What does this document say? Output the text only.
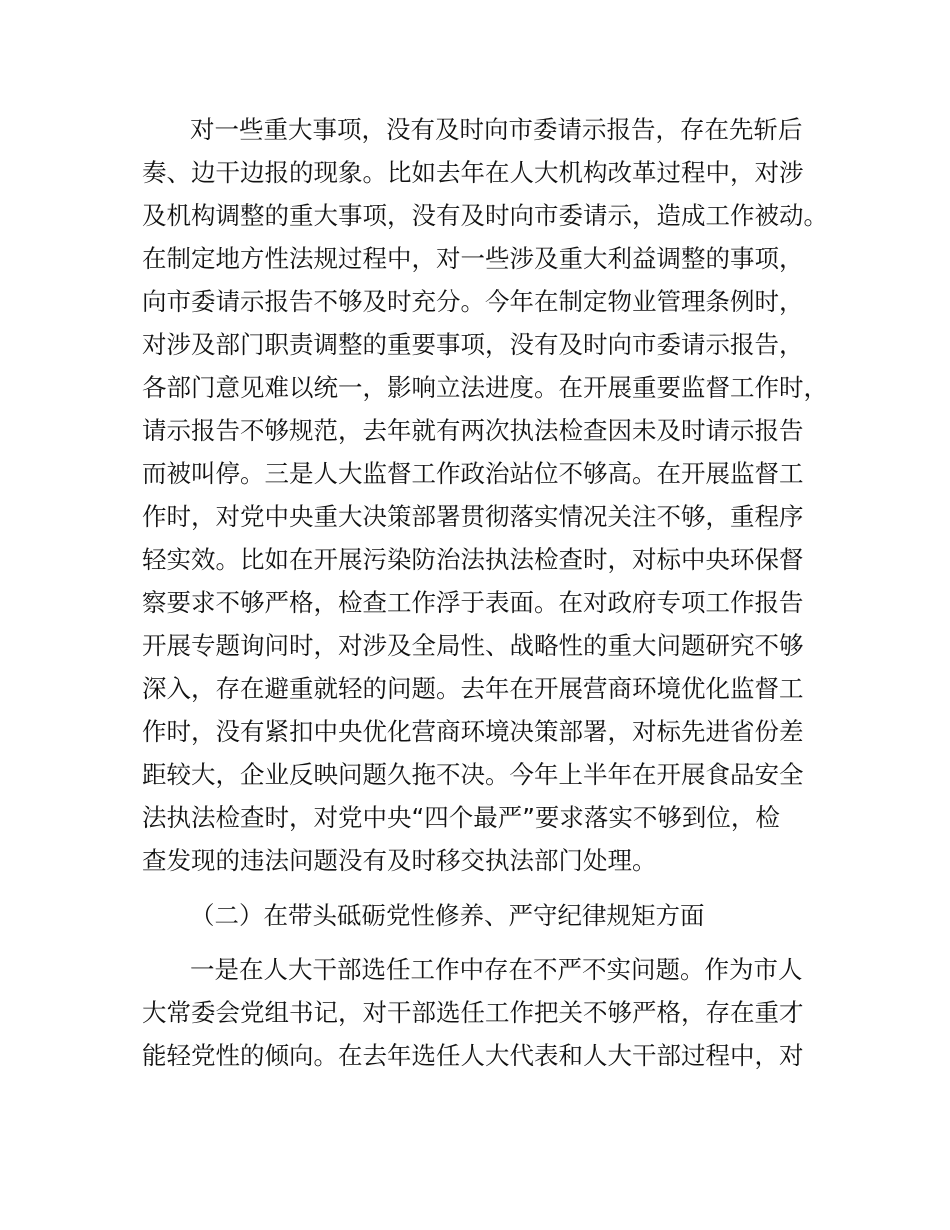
对一些重大事项，没有及时向市委请示报告，存在先斩后
奏、边干边报的现象。比如去年在人大机构改革过程中，对涉
及机构调整的重大事项，没有及时向市委请示，造成工作被动。
在制定地方性法规过程中，对一些涉及重大利益调整的事项，
向市委请示报告不够及时充分。今年在制定物业管理条例时，
对涉及部门职责调整的重要事项，没有及时向市委请示报告，
各部门意见难以统一，影响立法进度。在开展重要监督工作时，
请示报告不够规范，去年就有两次执法检查因未及时请示报告
而被叫停。三是人大监督工作政治站位不够高。在开展监督工
作时，对党中央重大决策部署贯彻落实情况关注不够，重程序
轻实效。比如在开展污染防治法执法检查时，对标中央环保督
察要求不够严格，检查工作浮于表面。在对政府专项工作报告
开展专题询问时，对涉及全局性、战略性的重大问题研究不够
深入，存在避重就轻的问题。去年在开展营商环境优化监督工
作时，没有紧扣中央优化营商环境决策部署，对标先进省份差
距较大，企业反映问题久拖不决。今年上半年在开展食品安全
法执法检查时，对党中央“四个最严”要求落实不够到位，检
查发现的违法问题没有及时移交执法部门处理。
（二）在带头砥砺党性修养、严守纪律规矩方面
一是在人大干部选任工作中存在不严不实问题。作为市人
大常委会党组书记，对干部选任工作把关不够严格，存在重才
能轻党性的倾向。在去年选任人大代表和人大干部过程中，对
